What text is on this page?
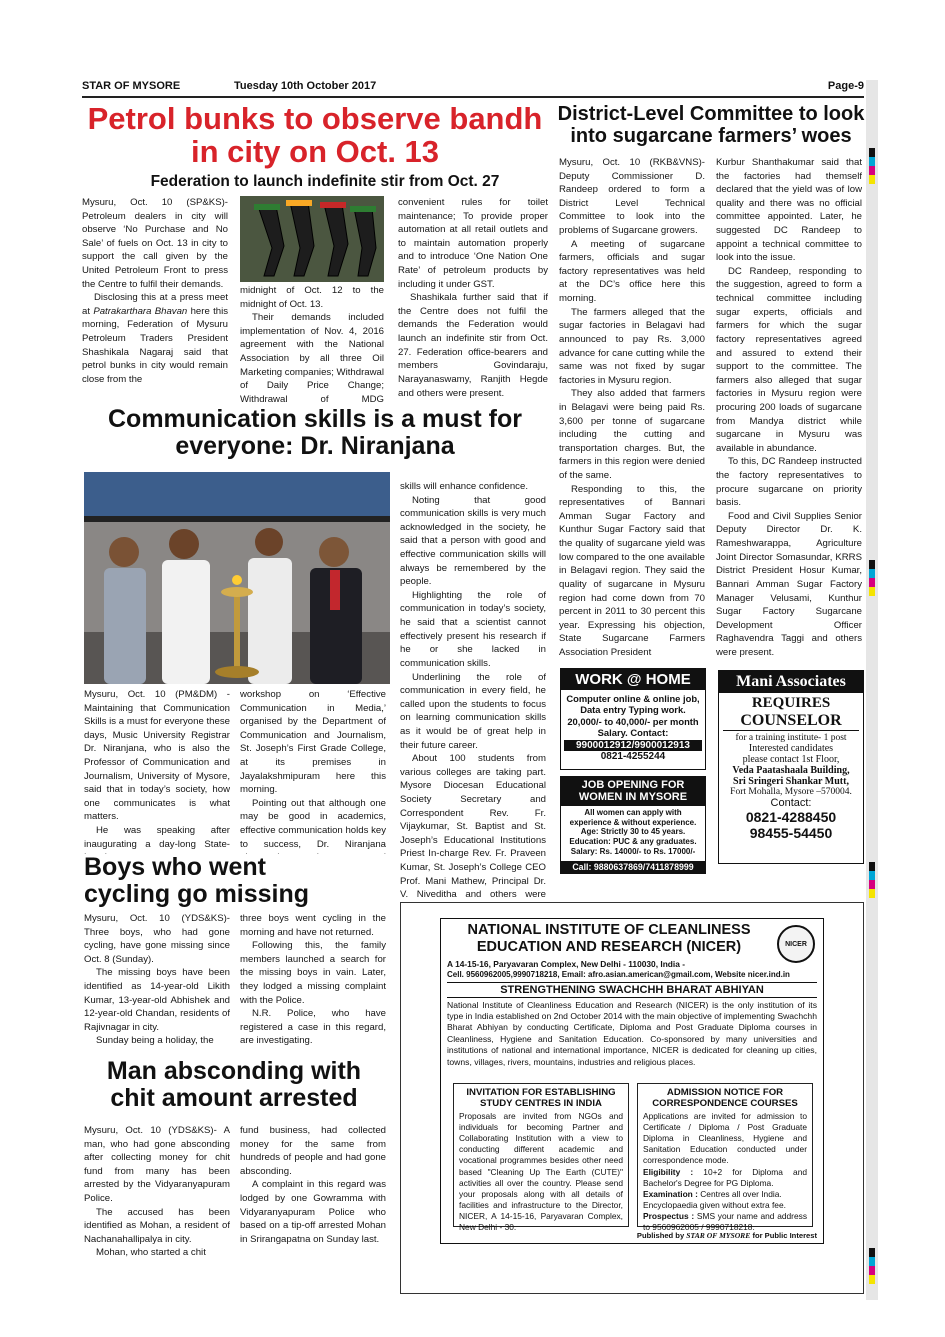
STAR OF MYSORE	Tuesday 10th October 2017	Page-9
Petrol bunks to observe bandh
in city on Oct. 13
Federation to launch indefinite stir from Oct. 27

Mysuru, Oct. 10 (SP&KS)- Petroleum dealers in city will observe ‘No Purchase and No Sale’ of fuels on Oct. 13 in city to support the call given by the United Petroleum Front to press the Centre to fulfil their demands.

Disclosing this at a press meet at Patrakarthara Bhavan here this morning, Federation of Mysuru Petroleum Traders President Shashikala Nagaraj said that petrol bunks in city would remain close from the

midnight of Oct. 12 to the midnight of Oct. 13.

Their demands included implementation of Nov. 4, 2016 agreement with the National Association by all three Oil Marketing companies; Withdrawal of Daily Price Change; Withdrawal of MDG

convenient rules for toilet maintenance; To provide proper automation at all retail outlets and to maintain automation properly and to introduce ‘One Nation One Rate’ of petroleum products by including it under GST.

Shashikala further said that if the Centre does not fulfil the demands the Federation would launch an indefinite stir from Oct. 27. Federation office-bearers and members Govindaraju, Narayanaswamy, Ranjith Hegde and others were present.

District-Level Committee to look
into sugarcane farmers’ woes

Mysuru, Oct. 10 (RKB&VNS)- Deputy Commissioner D. Randeep ordered to form a District Level Technical Committee to look into the problems of Sugarcane growers.

A meeting of sugarcane farmers, officials and sugar factory representatives was held at the DC’s office here this morning.

The farmers alleged that the sugar factories in Belagavi had announced to pay Rs. 3,000 advance for cane cutting while the same was not fixed by sugar factories in Mysuru region.

They also added that farmers in Belagavi were being paid Rs. 3,600 per tonne of sugarcane including the cutting and transportation charges. But, the farmers in this region were denied of the same.

Responding to this, the representatives of Bannari Amman Sugar Factory and Kunthur Sugar Factory said that the quality of sugarcane yield was low compared to the one available in Belagavi region. They said the quality of sugarcane in Mysuru region had come down from 70 percent in 2011 to 30 percent this year. Expressing his objection, State Sugarcane Farmers Association President

Kurbur Shanthakumar said that the factories had themself declared that the yield was of low quality and there was no official committee appointed. Later, he suggested DC Randeep to appoint a technical committee to look into the issue.

DC Randeep, responding to the suggestion, agreed to form a technical committee including sugar experts, officials and farmers for which the sugar factory representatives agreed and assured to extend their support to the committee. The farmers also alleged that sugar factories in Mysuru region were procuring 200 loads of sugarcane from Mandya district while sugarcane in Mysuru was available in abundance.

To this, DC Randeep instructed the factory representatives to procure sugarcane on priority basis.

Food and Civil Supplies Senior Deputy Director Dr. K. Rameshwarappa, Agriculture Joint Director Somasundar, KRRS District President Hosur Kumar, Bannari Amman Sugar Factory Manager Velusami, Kunthur Sugar Factory Sugarcane Development Officer Raghavendra Taggi and others were present.

Communication skills is a must for
everyone: Dr. Niranjana

skills will enhance confidence.

Noting that good communication skills is very much acknowledged in the society, he said that a person with good and effective communication skills will always be remembered by the people.

Highlighting the role of communication in today’s society, he said that a scientist cannot effectively present his research if he or she lacked in communication skills.

Underlining the role of communication in every field, he called upon the students to focus on learning communication skills as it would be of great help in their future career.

About 100 students from various colleges are taking part. Mysore Diocesan Educational Society Secretary and Correspondent Rev. Fr. Vijaykumar, St. Baptist and St. Joseph’s Educational Institutions Priest In-charge Rev. Fr. Praveen Kumar, St. Joseph’s College CEO Prof. Mani Mathew, Principal Dr. V. Niveditha and others were

Mysuru, Oct. 10 (PM&DM) - Maintaining that Communication Skills is a must for everyone these days, Music University Registrar Dr. Niranjana, who is also the Professor of Communication and Journalism, University of Mysore, said that in today’s society, how one communicates is what matters.

He was speaking after inaugurating a day-long State-

workshop on ‘Effective Communication in Media,’ organised by the Department of Communication and Journalism, St. Joseph’s First Grade College, at its premises in Jayalakshmipuram here this morning.

Pointing out that although one may be good in academics, effective communication holds key to success, Dr. Niranjana

Boys who went
cycling go missing

Mysuru, Oct. 10 (YDS&KS)- Three boys, who had gone cycling, have gone missing since Oct. 8 (Sunday).

The missing boys have been identified as 14-year-old Likith Kumar, 13-year-old Abhishek and 12-year-old Chandan, residents of Rajivnagar in city.

Sunday being a holiday, the

three boys went cycling in the morning and have not returned.

Following this, the family members launched a search for the missing boys in vain. Later, they lodged a missing complaint with the Police.

N.R. Police, who have registered a case in this regard, are investigating.

Man absconding with
chit amount arrested

Mysuru, Oct. 10 (YDS&KS)- A man, who had gone absconding after collecting money for chit fund from many has been arrested by the Vidyaranyapuram Police.

The accused has been identified as Mohan, a resident of Nachanahallipalya in city.

Mohan, who started a chit

fund business, had collected money for the same from hundreds of people and had gone absconding.

A complaint in this regard was lodged by one Gowramma with Vidyaranyapuram Police who based on a tip-off arrested Mohan in Srirangapatna on Sunday last.

WORK @ HOME
Computer online & online job, Data entry Typing work. 20,000/- to 40,000/- per month Salary. Contact:
9900012912/9900012913
0821-4255244
JOB OPENING FOR WOMEN IN MYSORE
All women can apply with experience & without experience. Age: Strictly 30 to 45 years. Education: PUC & any graduates. Salary: Rs. 14000/- to Rs. 17000/-
Call: 9880637869/7411878999
Mani Associates
REQUIRES
COUNSELOR
for a training institute- 1 post
Interested candidates
please contact 1st Floor,
Veda Paatashaala Building,
Sri Sringeri Shankar Mutt,
Fort Mohalla, Mysore –570004.
Contact:
0821-4288450
98455-54450
NATIONAL INSTITUTE OF CLEANLINESS
EDUCATION AND RESEARCH (NICER)	NICER
A 14-15-16, Paryavaran Complex, New Delhi - 110030, India -
Cell. 9560962005,9990718218, Email: afro.asian.american@gmail.com, Website nicer.ind.in
STRENGTHENING SWACHCHH BHARAT ABHIYAN
National Institute of Cleanliness Education and Research (NICER) is the only institution of its type in India established on 2nd October 2014 with the main objective of implementing Swachchh Bharat Abhiyan by conducting Certificate, Diploma and Post Graduate Diploma courses in Cleanliness, Hygiene and Sanitation Education. Co-sponsored by many universities and institutions of national and international importance, NICER is dedicated for cleaning up cities, towns, villages, rivers, mountains, industries and religious places.
INVITATION FOR ESTABLISHING STUDY CENTRES IN INDIA
Proposals are invited from NGOs and individuals for becoming Partner and Collaborating Institution with a view to conducting different academic and vocational programmes besides other need based "Cleaning Up The Earth (CUTE)" activities all over the country. Please send your proposals along with all details of facilities and infrastructure to the Director, NICER, A 14-15-16, Paryavaran Complex, New Delhi - 30.
ADMISSION NOTICE FOR CORRESPONDENCE COURSES
Applications are invited for admission to Certificate / Diploma / Post Graduate Diploma in Cleanliness, Hygiene and Sanitation Education conducted under correspondence mode.
Eligibility : 10+2 for Diploma and Bachelor's Degree for PG Diploma.
Examination : Centres all over India.
Encyclopaedia given without extra fee.
Prospectus : SMS your name and address to 9560962005 / 9990718218.
Published by STAR OF MYSORE for Public Interest
